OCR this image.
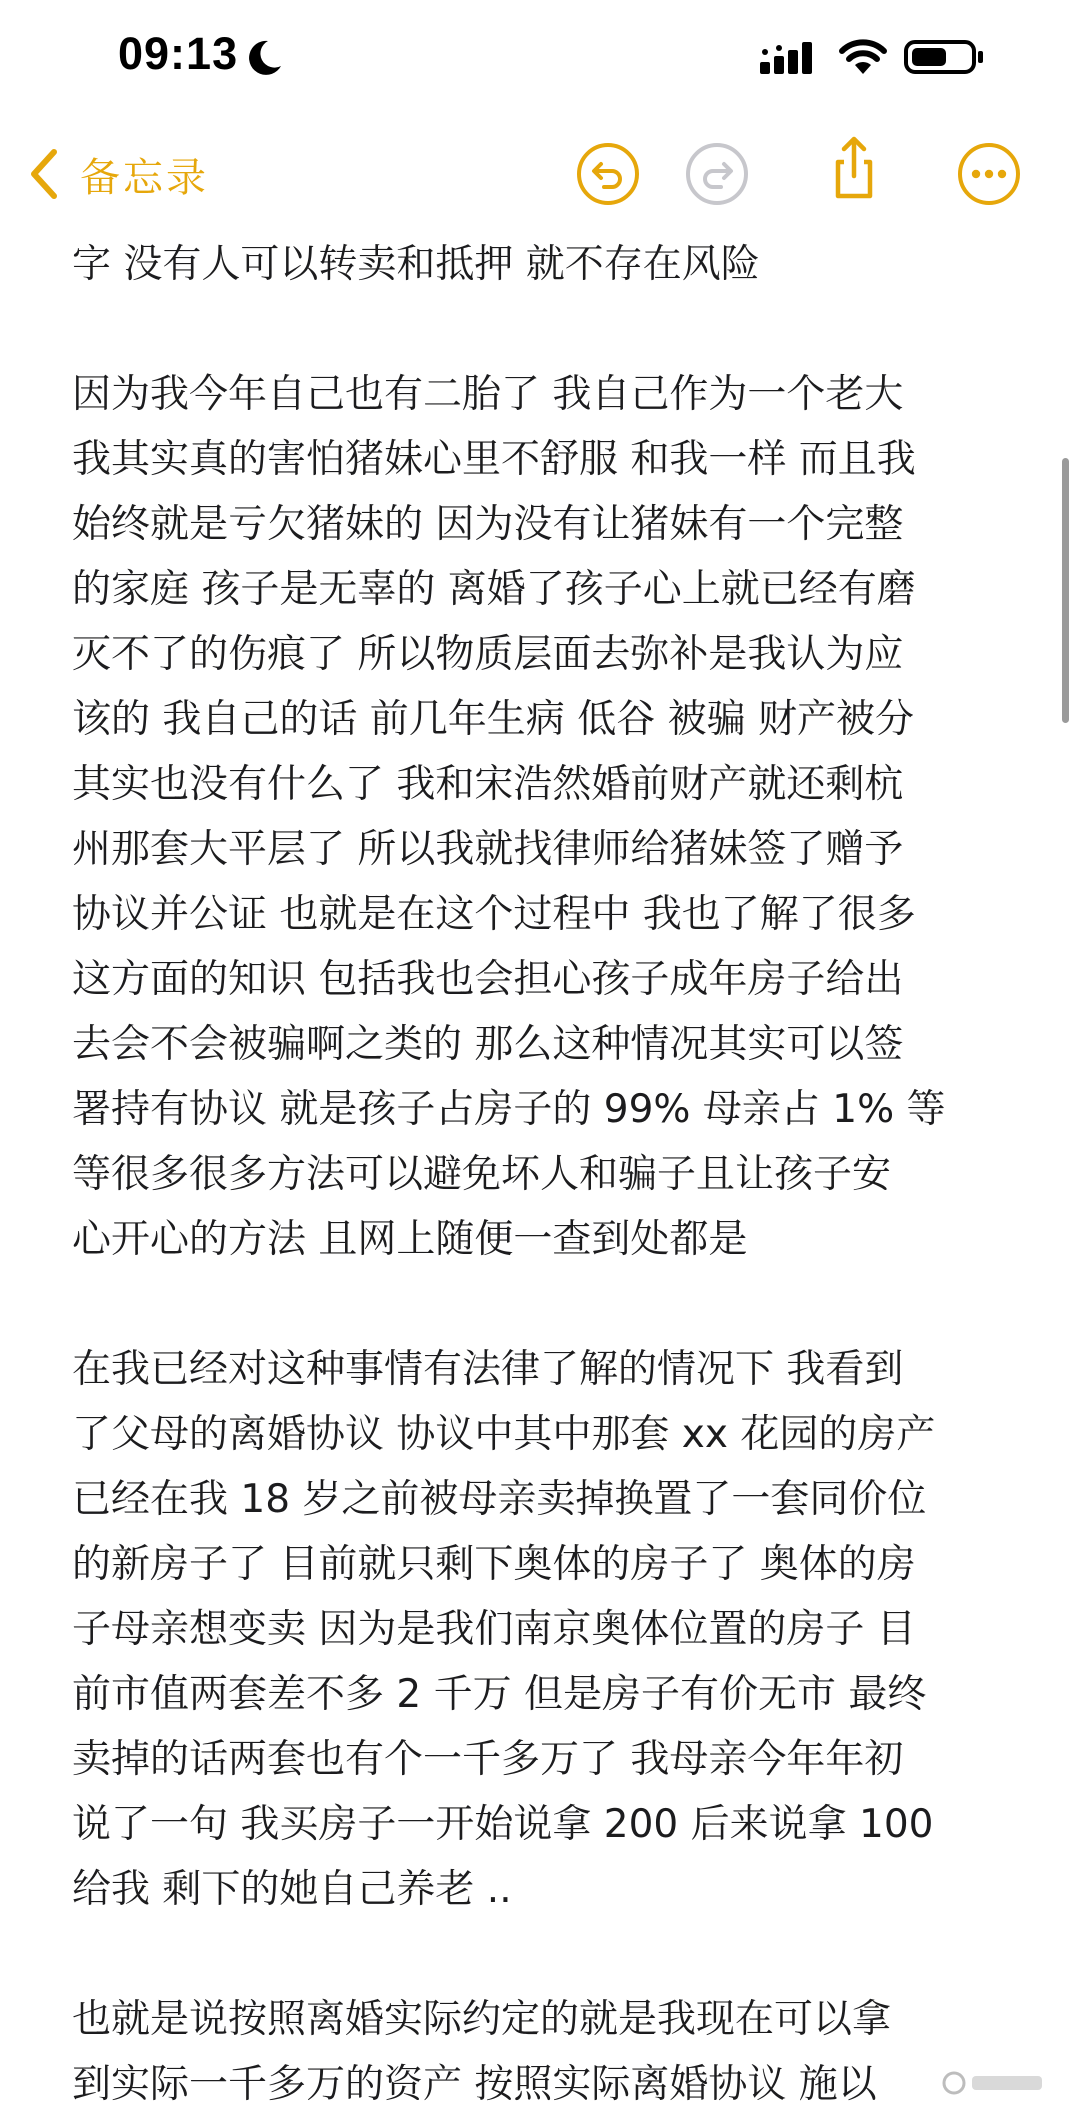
09:13
备忘录

字 没有人可以转卖和抵押 就不存在风险

因为我今年自己也有二胎了 我自己作为一个老大
我其实真的害怕猪妹心里不舒服 和我一样 而且我
始终就是亏欠猪妹的 因为没有让猪妹有一个完整
的家庭 孩子是无辜的 离婚了孩子心上就已经有磨
灭不了的伤痕了 所以物质层面去弥补是我认为应
该的 我自己的话 前几年生病 低谷 被骗 财产被分
其实也没有什么了 我和宋浩然婚前财产就还剩杭
州那套大平层了 所以我就找律师给猪妹签了赠予
协议并公证 也就是在这个过程中 我也了解了很多
这方面的知识 包括我也会担心孩子成年房子给出
去会不会被骗啊之类的 那么这种情况其实可以签
署持有协议 就是孩子占房子的 99% 母亲占 1% 等
等很多很多方法可以避免坏人和骗子且让孩子安
心开心的方法 且网上随便一查到处都是

在我已经对这种事情有法律了解的情况下 我看到
了父母的离婚协议 协议中其中那套 xx 花园的房产
已经在我 18 岁之前被母亲卖掉换置了一套同价位
的新房子了 目前就只剩下奥体的房子了 奥体的房
子母亲想变卖 因为是我们南京奥体位置的房子 目
前市值两套差不多 2 千万 但是房子有价无市 最终
卖掉的话两套也有个一千多万了 我母亲今年年初
说了一句 我买房子一开始说拿 200 后来说拿 100
给我 剩下的她自己养老 ..

也就是说按照离婚实际约定的就是我现在可以拿
到实际一千多万的资产 按照实际离婚协议 施以
